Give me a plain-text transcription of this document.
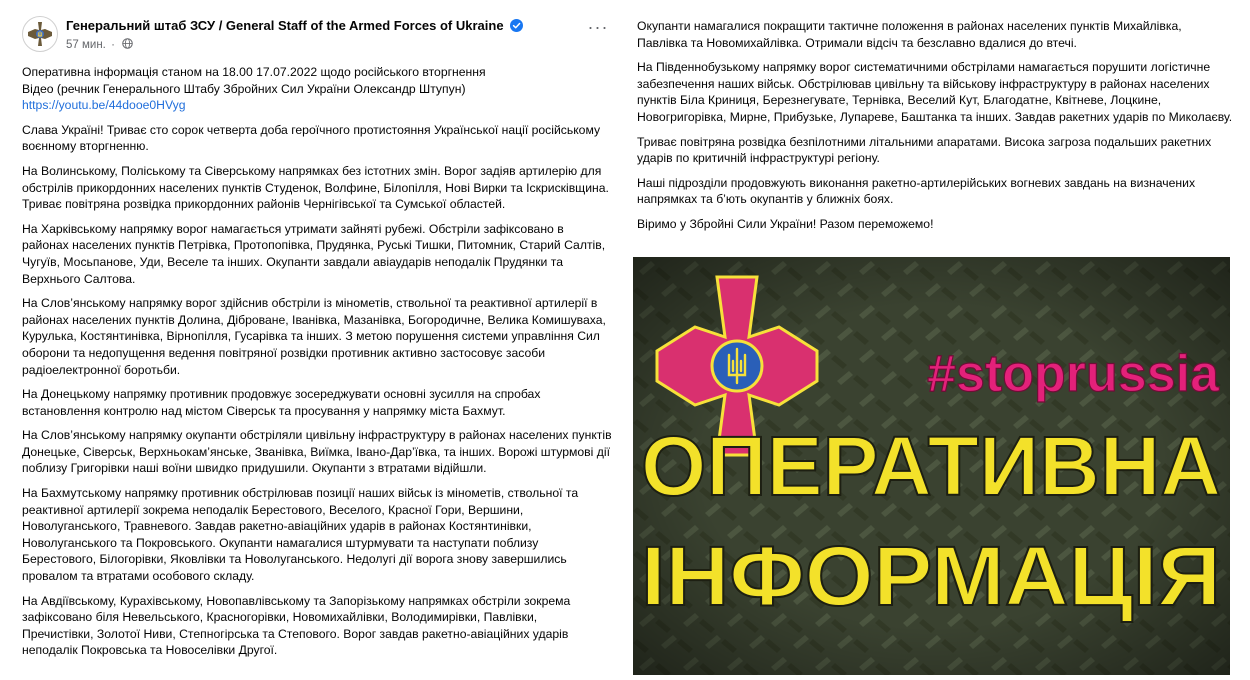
Генеральний штаб ЗСУ / General Staff of the Armed Forces of Ukraine
57 мин. ·
···

Оперативна інформація станом на 18.00 17.07.2022 щодо російського вторгнення
Відео (речник Генерального Штабу Збройних Сил України Олександр Штупун)
https://youtu.be/44dooe0HVyg

Слава Україні! Триває сто сорок четверта доба героїчного протистояння Української нації російському воєнному вторгненню.

На Волинському, Поліському та Сіверському напрямках без істотних змін. Ворог задіяв артилерію для обстрілів прикордонних населених пунктів Студенок, Волфине, Білопілля, Нові Вирки та Іскрисківщина. Триває повітряна розвідка прикордонних районів Чернігівської та Сумської областей.

На Харківському напрямку ворог намагається утримати зайняті рубежі. Обстріли зафіксовано в районах населених пунктів Петрівка, Протопопівка, Прудянка, Руські Тишки, Питомник, Старий Салтів, Чугуїв, Мосьпанове, Уди, Веселе та інших. Окупанти завдали авіаударів неподалік Прудянки та Верхнього Салтова.

На Слов’янському напрямку ворог здійснив обстріли із мінометів, ствольної та реактивної артилерії в районах населених пунктів Долина, Діброване, Іванівка, Мазанівка, Богородичне, Велика Комишуваха, Курулька, Костянтинівка, Вірнопілля, Гусарівка та інших. З метою порушення системи управління Сил оборони та недопущення ведення повітряної розвідки противник активно застосовує засоби радіоелектронної боротьби.

На Донецькому напрямку противник продовжує зосереджувати основні зусилля на спробах встановлення контролю над містом Сіверськ та просування у напрямку міста Бахмут.

На Слов’янському напрямку окупанти обстріляли цивільну інфраструктуру в районах населених пунктів Донецьке, Сіверськ, Верхньокам’янське, Званівка, Виїмка, Івано-Дар’ївка, та інших. Ворожі штурмові дії поблизу Григорівки наші воїни швидко придушили. Окупанти з втратами відійшли.

На Бахмутському напрямку противник обстрілював позиції наших військ із мінометів, ствольної та реактивної артилерії зокрема неподалік Берестового, Веселого, Красної Гори, Вершини, Новолуганського, Травневого. Завдав ракетно-авіаційних ударів в районах Костянтинівки, Новолуганського та Покровського. Окупанти намагалися штурмувати та наступати поблизу Берестового, Білогорівки, Яковлівки та Новолуганського. Недолугі дії ворога знову завершились провалом та втратами особового складу.

На Авдіївському, Курахівському, Новопавлівському та Запорізькому напрямках обстріли зокрема зафіксовано біля Невельського, Красногорівки, Новомихайлівки, Володимирівки, Павлівки, Пречистівки, Золотої Ниви, Степногірська та Степового. Ворог завдав ракетно-авіаційних ударів неподалік Покровська та Новоселівки Другої.

Окупанти намагалися покращити тактичне положення в районах населених пунктів Михайлівка, Павлівка та Новомихайлівка. Отримали відсіч та безславно вдалися до втечі.

На Південнобузькому напрямку ворог систематичними обстрілами намагається порушити логістичне забезпечення наших військ. Обстрілював цивільну та військову інфраструктуру в районах населених пунктів Біла Криниця, Березнегувате, Тернівка, Веселий Кут, Благодатне, Квітневе, Лоцкине, Новогригорівка, Мирне, Прибузьке, Лупареве, Баштанка та інших. Завдав ракетних ударів по Миколаєву.

Триває повітряна розвідка безпілотними літальними апаратами. Висока загроза подальших ракетних ударів по критичній інфраструктурі регіону.

Наші підрозділи продовжують виконання ракетно-артилерійських вогневих завдань на визначених напрямках та б’ють окупантів у ближніх боях.

Віримо у Збройні Сили України! Разом переможемо!

#stoprussia
ОПЕРАТИВНА
ІНФОРМАЦІЯ
